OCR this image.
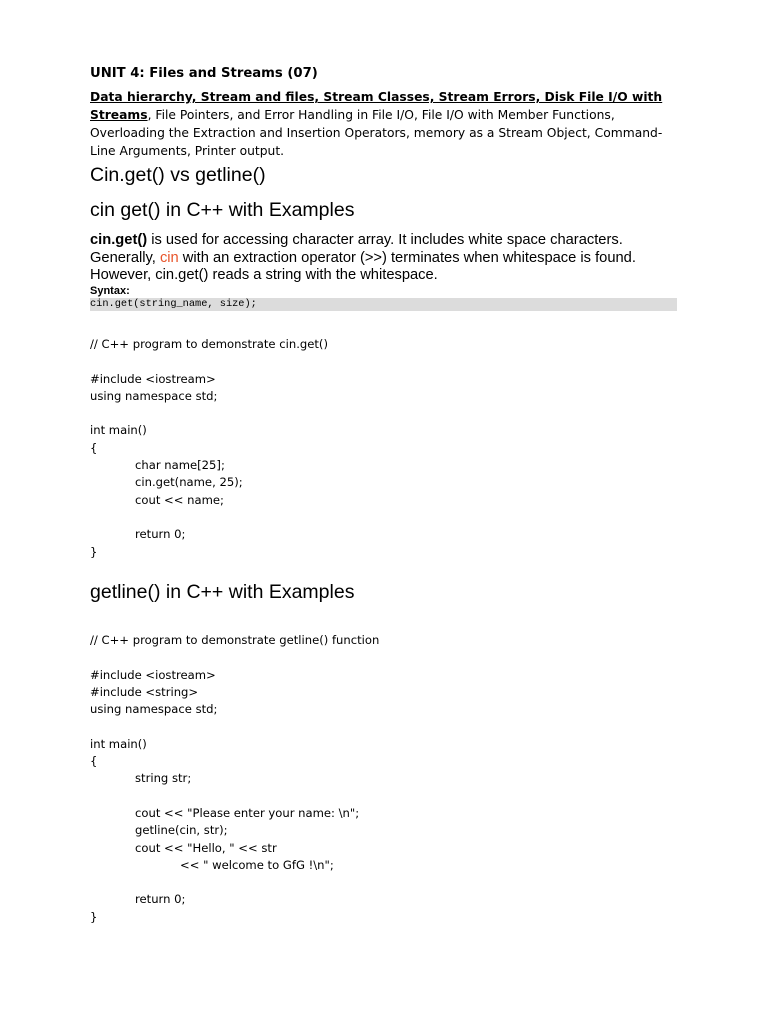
UNIT 4: Files and Streams (07)
Data hierarchy, Stream and files, Stream Classes, Stream Errors, Disk File I/O with Streams, File Pointers, and Error Handling in File I/O, File I/O with Member Functions, Overloading the Extraction and Insertion Operators, memory as a Stream Object, Command-Line Arguments, Printer output.
Cin.get() vs getline()
cin get() in C++ with Examples
cin.get() is used for accessing character array. It includes white space characters.
Generally, cin with an extraction operator (>>) terminates when whitespace is found.
However, cin.get() reads a string with the whitespace.
Syntax:
cin.get(string_name, size);
// C++ program to demonstrate cin.get()

#include <iostream>
using namespace std;

int main()
{
char name[25];
cin.get(name, 25);
cout << name;

return 0;
}
getline() in C++ with Examples
// C++ program to demonstrate getline() function

#include <iostream>
#include <string>
using namespace std;

int main()
{
string str;

cout << "Please enter your name: \n";
getline(cin, str);
cout << "Hello, " << str
<< " welcome to GfG !\n";

return 0;
}
